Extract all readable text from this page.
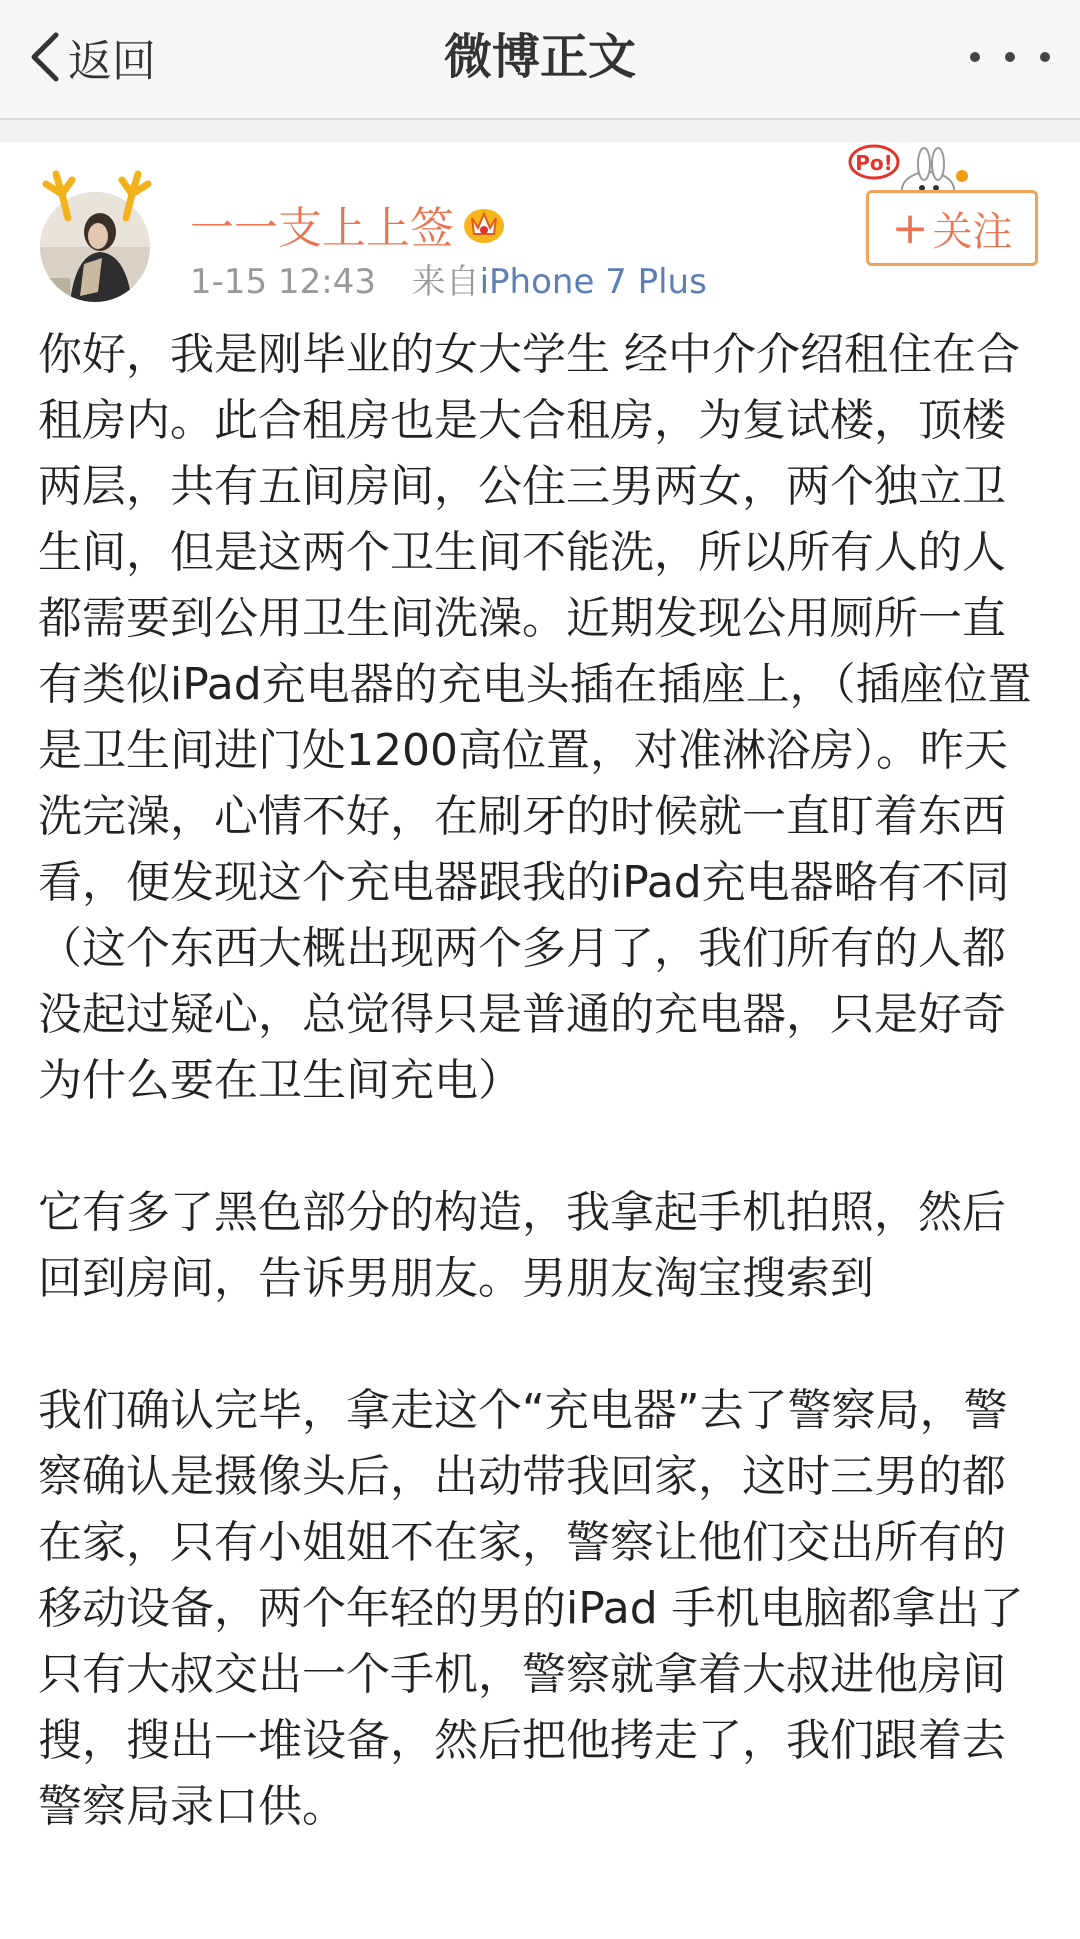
返回	微博正文
一一支上上签
1-15 12:43 来自iPhone 7 Plus
Po!
+ 关注

你好，我是刚毕业的女大学生 经中介介绍租住在合租房内。此合租房也是大合租房，为复试楼，顶楼两层，共有五间房间，公住三男两女，两个独立卫生间，但是这两个卫生间不能洗，所以所有人的人都需要到公用卫生间洗澡。近期发现公用厕所一直有类似iPad充电器的充电头插在插座上，（插座位置是卫生间进门处1200高位置，对准淋浴房）。昨天洗完澡，心情不好，在刷牙的时候就一直盯着东西看，便发现这个充电器跟我的iPad充电器略有不同（这个东西大概出现两个多月了，我们所有的人都没起过疑心，总觉得只是普通的充电器，只是好奇为什么要在卫生间充电）

它有多了黑色部分的构造，我拿起手机拍照，然后回到房间，告诉男朋友。男朋友淘宝搜索到

我们确认完毕，拿走这个“充电器”去了警察局，警察确认是摄像头后，出动带我回家，这时三男的都在家，只有小姐姐不在家，警察让他们交出所有的移动设备，两个年轻的男的iPad 手机电脑都拿出了 只有大叔交出一个手机，警察就拿着大叔进他房间搜，搜出一堆设备，然后把他拷走了，我们跟着去警察局录口供。
